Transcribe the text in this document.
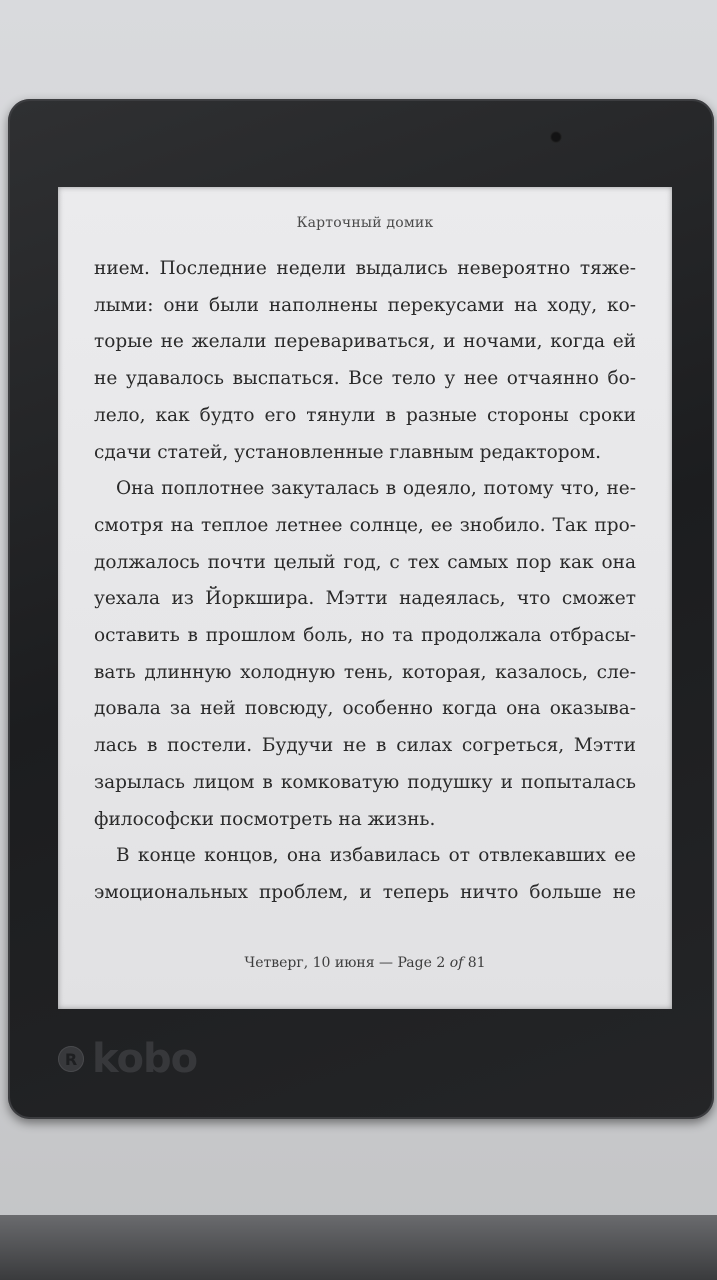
Карточный домик

нием. Последние недели выдались невероятно тяже-
лыми: они были наполнены перекусами на ходу, ко-
торые не желали перевариваться, и ночами, когда ей
не удавалось выспаться. Все тело у нее отчаянно бо-
лело, как будто его тянули в разные стороны сроки
сдачи статей, установленные главным редактором.

Она поплотнее закуталась в одеяло, потому что, не-
смотря на теплое летнее солнце, ее знобило. Так про-
должалось почти целый год, с тех самых пор как она
уехала из Йоркшира. Мэтти надеялась, что сможет
оставить в прошлом боль, но та продолжала отбрасы-
вать длинную холодную тень, которая, казалось, сле-
довала за ней повсюду, особенно когда она оказыва-
лась в постели. Будучи не в силах согреться, Мэтти
зарылась лицом в комковатую подушку и попыталась
философски посмотреть на жизнь.

В конце концов, она избавилась от отвлекавших ее
эмоциональных проблем, и теперь ничто больше не

Четверг, 10 июня — Page 2 of 81
R kobo
